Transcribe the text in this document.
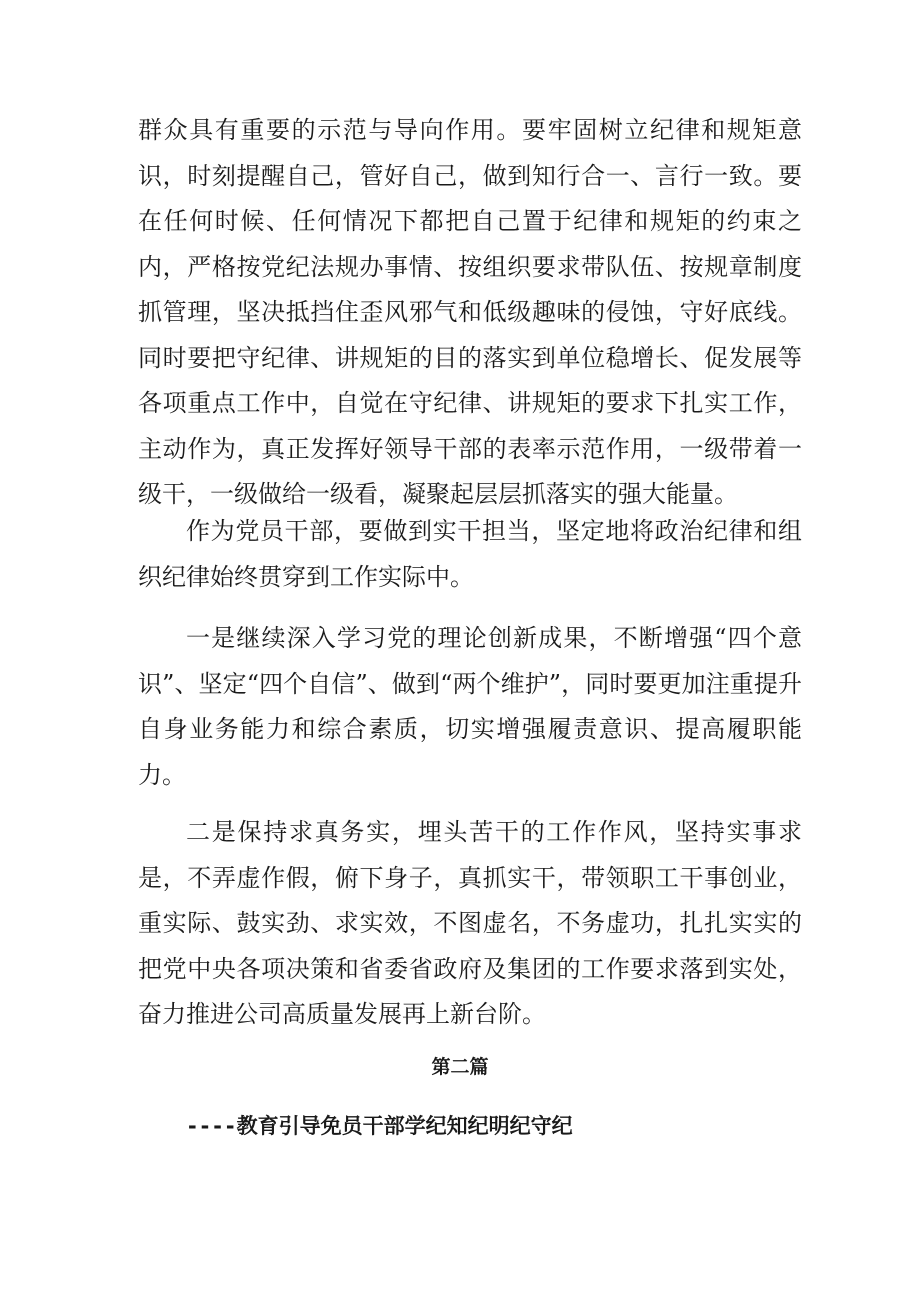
群众具有重要的示范与导向作用。要牢固树立纪律和规矩意识，时刻提醒自己，管好自己，做到知行合一、言行一致。要在任何时候、任何情况下都把自己置于纪律和规矩的约束之内，严格按党纪法规办事情、按组织要求带队伍、按规章制度抓管理，坚决抵挡住歪风邪气和低级趣味的侵蚀，守好底线。同时要把守纪律、讲规矩的目的落实到单位稳增长、促发展等各项重点工作中，自觉在守纪律、讲规矩的要求下扎实工作，主动作为，真正发挥好领导干部的表率示范作用，一级带着一级干，一级做给一级看，凝聚起层层抓落实的强大能量。

作为党员干部，要做到实干担当，坚定地将政治纪律和组织纪律始终贯穿到工作实际中。

一是继续深入学习党的理论创新成果，不断增强“四个意识”、坚定“四个自信”、做到“两个维护”，同时要更加注重提升自身业务能力和综合素质，切实增强履责意识、提高履职能力。

二是保持求真务实，埋头苦干的工作作风，坚持实事求是，不弄虚作假，俯下身子，真抓实干，带领职工干事创业，重实际、鼓实劲、求实效，不图虚名，不务虚功，扎扎实实的把党中央各项决策和省委省政府及集团的工作要求落到实处，奋力推进公司高质量发展再上新台阶。

第二篇
----教育引导免员干部学纪知纪明纪守纪
